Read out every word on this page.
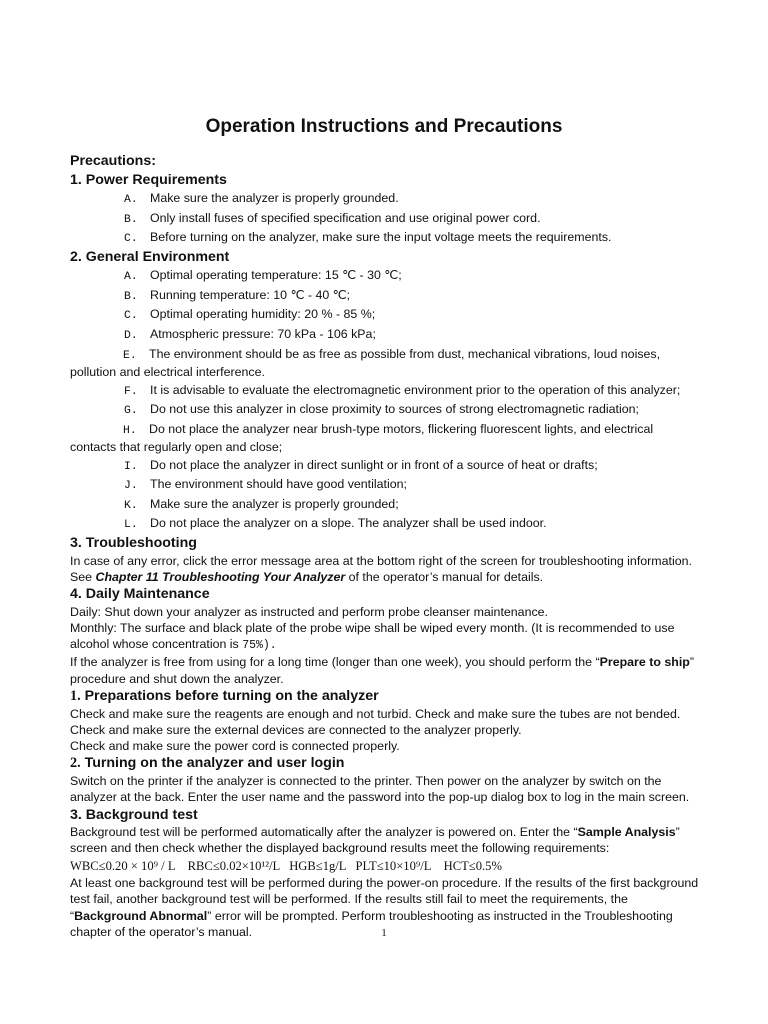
Operation Instructions and Precautions
Precautions:
1. Power Requirements
A. Make sure the analyzer is properly grounded.
B. Only install fuses of specified specification and use original power cord.
C. Before turning on the analyzer, make sure the input voltage meets the requirements.
2. General Environment
A. Optimal operating temperature: 15 ℃ - 30 ℃;
B. Running temperature: 10 ℃ - 40 ℃;
C. Optimal operating humidity: 20 % - 85 %;
D. Atmospheric pressure: 70 kPa - 106 kPa;
E. The environment should be as free as possible from dust, mechanical vibrations, loud noises, pollution and electrical interference.
F. It is advisable to evaluate the electromagnetic environment prior to the operation of this analyzer;
G. Do not use this analyzer in close proximity to sources of strong electromagnetic radiation;
H. Do not place the analyzer near brush-type motors, flickering fluorescent lights, and electrical contacts that regularly open and close;
I. Do not place the analyzer in direct sunlight or in front of a source of heat or drafts;
J. The environment should have good ventilation;
K. Make sure the analyzer is properly grounded;
L. Do not place the analyzer on a slope. The analyzer shall be used indoor.
3. Troubleshooting

In case of any error, click the error message area at the bottom right of the screen for troubleshooting information. See Chapter 11 Troubleshooting Your Analyzer of the operator’s manual for details.

4. Daily Maintenance

Daily: Shut down your analyzer as instructed and perform probe cleanser maintenance.

Monthly: The surface and black plate of the probe wipe shall be wiped every month. (It is recommended to use alcohol whose concentration is 75%).

If the analyzer is free from using for a long time (longer than one week), you should perform the “Prepare to ship” procedure and shut down the analyzer.

1. Preparations before turning on the analyzer

Check and make sure the reagents are enough and not turbid. Check and make sure the tubes are not bended.

Check and make sure the external devices are connected to the analyzer properly.

Check and make sure the power cord is connected properly.

2. Turning on the analyzer and user login

Switch on the printer if the analyzer is connected to the printer. Then power on the analyzer by switch on the analyzer at the back. Enter the user name and the password into the pop-up dialog box to log in the main screen.

3. Background test

Background test will be performed automatically after the analyzer is powered on. Enter the “Sample Analysis” screen and then check whether the displayed background results meet the following requirements:

WBC≤0.20 × 10⁹ / L    RBC≤0.02×10¹²/L   HGB≤1g/L   PLT≤10×10⁹/L    HCT≤0.5%

At least one background test will be performed during the power-on procedure. If the results of the first background test fail, another background test will be performed. If the results still fail to meet the requirements, the “Background Abnormal” error will be prompted. Perform troubleshooting as instructed in the Troubleshooting chapter of the operator’s manual.	1
